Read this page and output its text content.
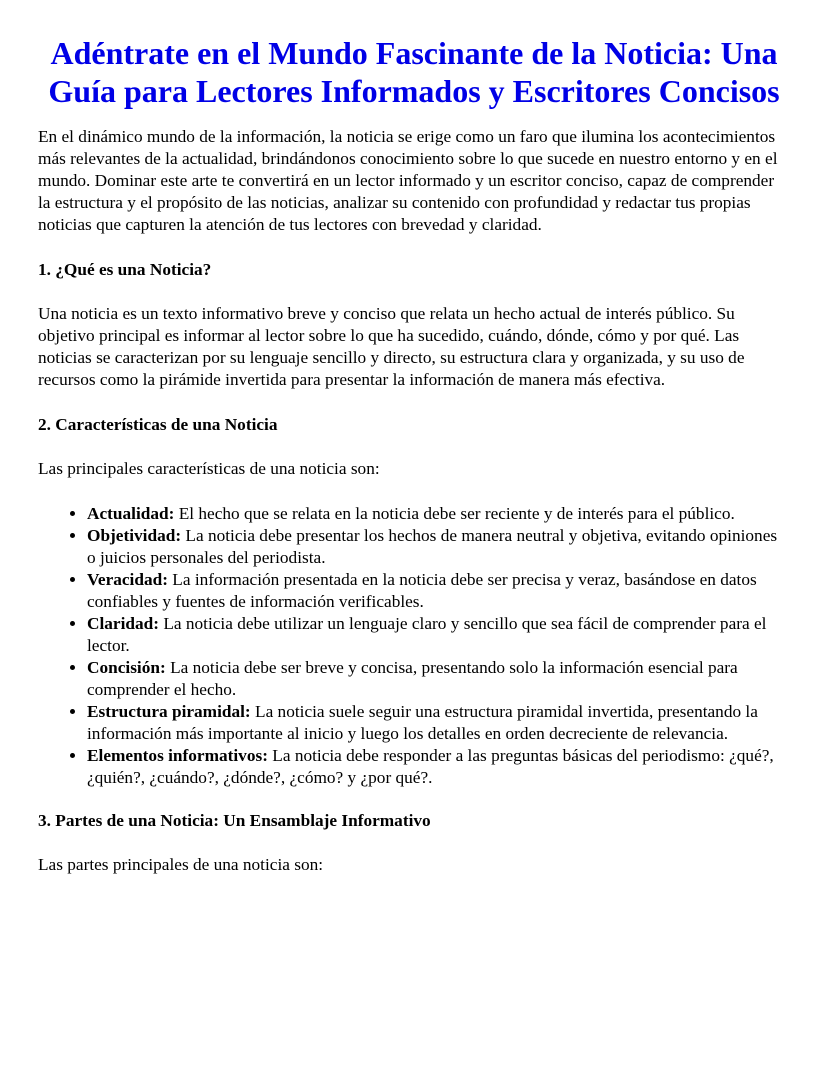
Adéntrate en el Mundo Fascinante de la Noticia: Una Guía para Lectores Informados y Escritores Concisos

En el dinámico mundo de la información, la noticia se erige como un faro que ilumina los acontecimientos más relevantes de la actualidad, brindándonos conocimiento sobre lo que sucede en nuestro entorno y en el mundo. Dominar este arte te convertirá en un lector informado y un escritor conciso, capaz de comprender la estructura y el propósito de las noticias, analizar su contenido con profundidad y redactar tus propias noticias que capturen la atención de tus lectores con brevedad y claridad.

1. ¿Qué es una Noticia?

Una noticia es un texto informativo breve y conciso que relata un hecho actual de interés público. Su objetivo principal es informar al lector sobre lo que ha sucedido, cuándo, dónde, cómo y por qué. Las noticias se caracterizan por su lenguaje sencillo y directo, su estructura clara y organizada, y su uso de recursos como la pirámide invertida para presentar la información de manera más efectiva.

2. Características de una Noticia

Las principales características de una noticia son:

• Actualidad: El hecho que se relata en la noticia debe ser reciente y de interés para el público.
• Objetividad: La noticia debe presentar los hechos de manera neutral y objetiva, evitando opiniones o juicios personales del periodista.
• Veracidad: La información presentada en la noticia debe ser precisa y veraz, basándose en datos confiables y fuentes de información verificables.
• Claridad: La noticia debe utilizar un lenguaje claro y sencillo que sea fácil de comprender para el lector.
• Concisión: La noticia debe ser breve y concisa, presentando solo la información esencial para comprender el hecho.
• Estructura piramidal: La noticia suele seguir una estructura piramidal invertida, presentando la información más importante al inicio y luego los detalles en orden decreciente de relevancia.
• Elementos informativos: La noticia debe responder a las preguntas básicas del periodismo: ¿qué?, ¿quién?, ¿cuándo?, ¿dónde?, ¿cómo? y ¿por qué?.
3. Partes de una Noticia: Un Ensamblaje Informativo

Las partes principales de una noticia son:
